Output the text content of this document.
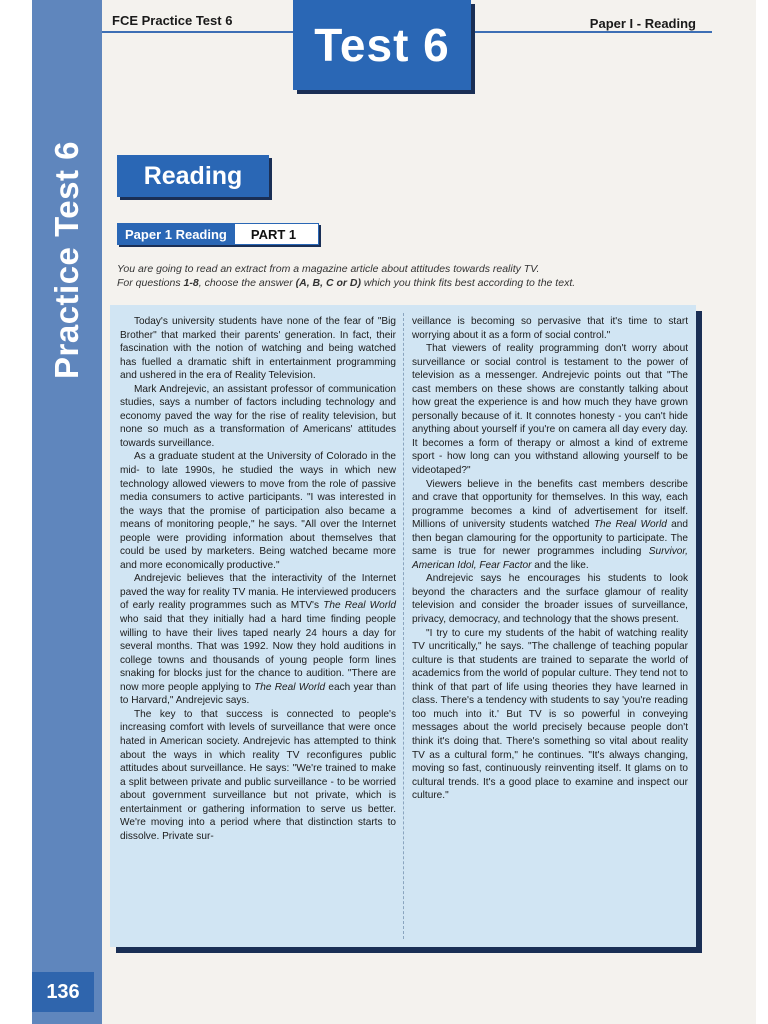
Practice Test 6
136
FCE Practice Test 6	Paper I - Reading
Test 6
Reading
Paper 1 Reading	PART 1
You are going to read an extract from a magazine article about attitudes towards reality TV.
For questions 1-8, choose the answer (A, B, C or D) which you think fits best according to the text.

Today's university students have none of the fear of "Big Brother" that marked their parents' generation. In fact, their fascination with the notion of watching and being watched has fuelled a dramatic shift in entertainment programming and ushered in the era of Reality Television.

Mark Andrejevic, an assistant professor of communication studies, says a number of factors including technology and economy paved the way for the rise of reality television, but none so much as a transformation of Americans' attitudes towards surveillance.

As a graduate student at the University of Colorado in the mid- to late 1990s, he studied the ways in which new technology allowed viewers to move from the role of passive media consumers to active participants. "I was interested in the ways that the promise of participation also became a means of monitoring people," he says. "All over the Internet people were providing information about themselves that could be used by marketers. Being watched became more and more economically productive."

Andrejevic believes that the interactivity of the Internet paved the way for reality TV mania. He interviewed producers of early reality programmes such as MTV's The Real World who said that they initially had a hard time finding people willing to have their lives taped nearly 24 hours a day for several months. That was 1992. Now they hold auditions in college towns and thousands of young people form lines snaking for blocks just for the chance to audition. "There are now more people applying to The Real World each year than to Harvard," Andrejevic says.

The key to that success is connected to people's increasing comfort with levels of surveillance that were once hated in American society. Andrejevic has attempted to think about the ways in which reality TV reconfigures public attitudes about surveillance. He says: "We're trained to make a split between private and public surveillance - to be worried about government surveillance but not private, which is entertainment or gathering information to serve us better. We're moving into a period where that distinction starts to dissolve. Private sur-

veillance is becoming so pervasive that it's time to start worrying about it as a form of social control."

That viewers of reality programming don't worry about surveillance or social control is testament to the power of television as a messenger. Andrejevic points out that "The cast members on these shows are constantly talking about how great the experience is and how much they have grown personally because of it. It connotes honesty - you can't hide anything about yourself if you're on camera all day every day. It becomes a form of therapy or almost a kind of extreme sport - how long can you withstand allowing yourself to be videotaped?"

Viewers believe in the benefits cast members describe and crave that opportunity for themselves. In this way, each programme becomes a kind of advertisement for itself. Millions of university students watched The Real World and then began clamouring for the opportunity to participate. The same is true for newer programmes including Survivor, American Idol, Fear Factor and the like.

Andrejevic says he encourages his students to look beyond the characters and the surface glamour of reality television and consider the broader issues of surveillance, privacy, democracy, and technology that the shows present.

"I try to cure my students of the habit of watching reality TV uncritically," he says. "The challenge of teaching popular culture is that students are trained to separate the world of academics from the world of popular culture. They tend not to think of that part of life using theories they have learned in class. There's a tendency with students to say 'you're reading too much into it.' But TV is so powerful in conveying messages about the world precisely because people don't think it's doing that. There's something so vital about reality TV as a cultural form," he continues. "It's always changing, moving so fast, continuously reinventing itself. It glams on to cultural trends. It's a good place to examine and inspect our culture."
